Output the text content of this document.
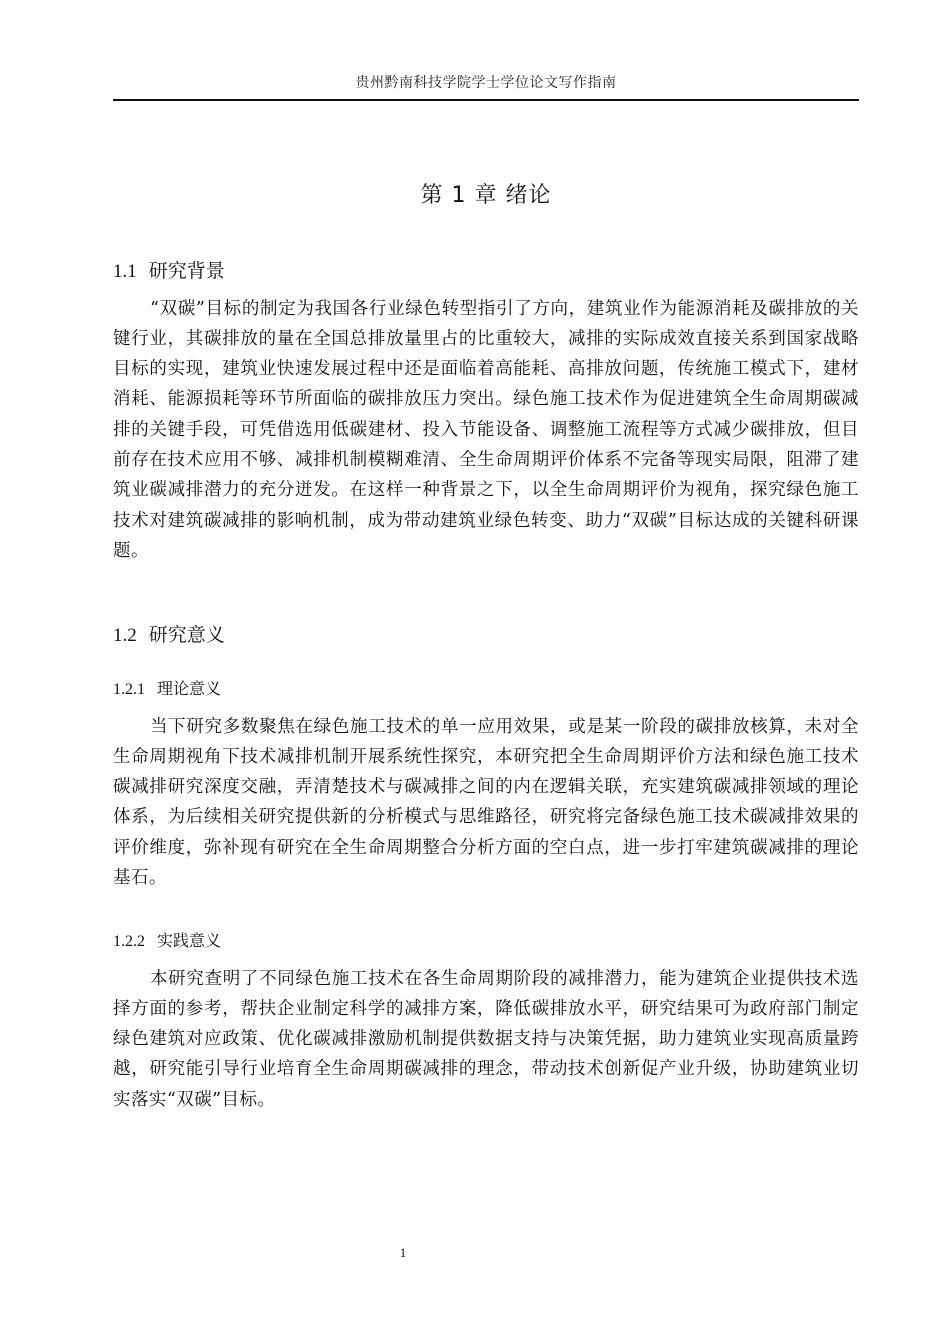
贵州黔南科技学院学士学位论文写作指南
第 1 章 绪论
1.1 研究背景

“双碳”目标的制定为我国各行业绿色转型指引了方向，建筑业作为能源消耗及碳排放的关键行业，其碳排放的量在全国总排放量里占的比重较大，减排的实际成效直接关系到国家战略目标的实现，建筑业快速发展过程中还是面临着高能耗、高排放问题，传统施工模式下，建材消耗、能源损耗等环节所面临的碳排放压力突出。绿色施工技术作为促进建筑全生命周期碳减排的关键手段，可凭借选用低碳建材、投入节能设备、调整施工流程等方式减少碳排放，但目前存在技术应用不够、减排机制模糊难清、全生命周期评价体系不完备等现实局限，阻滞了建筑业碳减排潜力的充分迸发。在这样一种背景之下，以全生命周期评价为视角，探究绿色施工技术对建筑碳减排的影响机制，成为带动建筑业绿色转变、助力“双碳”目标达成的关键科研课题。

1.2 研究意义
1.2.1 理论意义

当下研究多数聚焦在绿色施工技术的单一应用效果，或是某一阶段的碳排放核算，未对全生命周期视角下技术减排机制开展系统性探究，本研究把全生命周期评价方法和绿色施工技术碳减排研究深度交融，弄清楚技术与碳减排之间的内在逻辑关联，充实建筑碳减排领域的理论体系，为后续相关研究提供新的分析模式与思维路径，研究将完备绿色施工技术碳减排效果的评价维度，弥补现有研究在全生命周期整合分析方面的空白点，进一步打牢建筑碳减排的理论基石。

1.2.2 实践意义

本研究查明了不同绿色施工技术在各生命周期阶段的减排潜力，能为建筑企业提供技术选择方面的参考，帮扶企业制定科学的减排方案，降低碳排放水平，研究结果可为政府部门制定绿色建筑对应政策、优化碳减排激励机制提供数据支持与决策凭据，助力建筑业实现高质量跨越，研究能引导行业培育全生命周期碳减排的理念，带动技术创新促产业升级，协助建筑业切实落实“双碳”目标。

1
